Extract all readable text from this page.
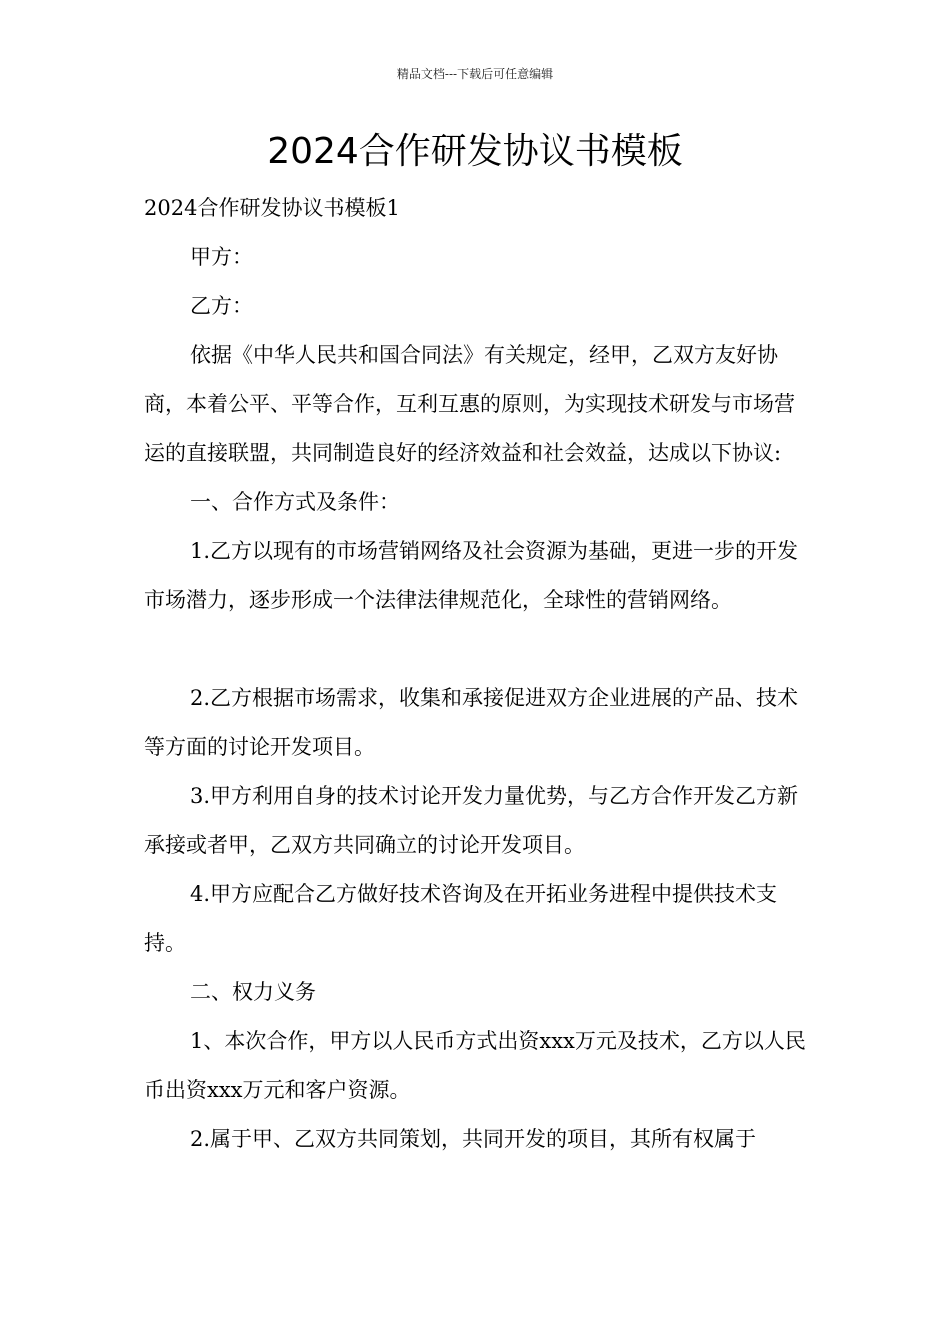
精品文档---下载后可任意编辑
2024合作研发协议书模板

2024合作研发协议书模板1

甲方：

乙方：

依据《中华人民共和国合同法》有关规定，经甲，乙双方友好协商，本着公平、平等合作，互利互惠的原则，为实现技术研发与市场营运的直接联盟，共同制造良好的经济效益和社会效益，达成以下协议:

一、合作方式及条件：

1.乙方以现有的市场营销网络及社会资源为基础，更进一步的开发市场潜力，逐步形成一个法律法律规范化，全球性的营销网络。

2.乙方根据市场需求，收集和承接促进双方企业进展的产品、技术等方面的讨论开发项目。

3.甲方利用自身的技术讨论开发力量优势，与乙方合作开发乙方新承接或者甲，乙双方共同确立的讨论开发项目。

4.甲方应配合乙方做好技术咨询及在开拓业务进程中提供技术支持。

二、权力义务

1、本次合作，甲方以人民币方式出资xxx万元及技术，乙方以人民币出资xxx万元和客户资源。

2.属于甲、乙双方共同策划，共同开发的项目，其所有权属于
